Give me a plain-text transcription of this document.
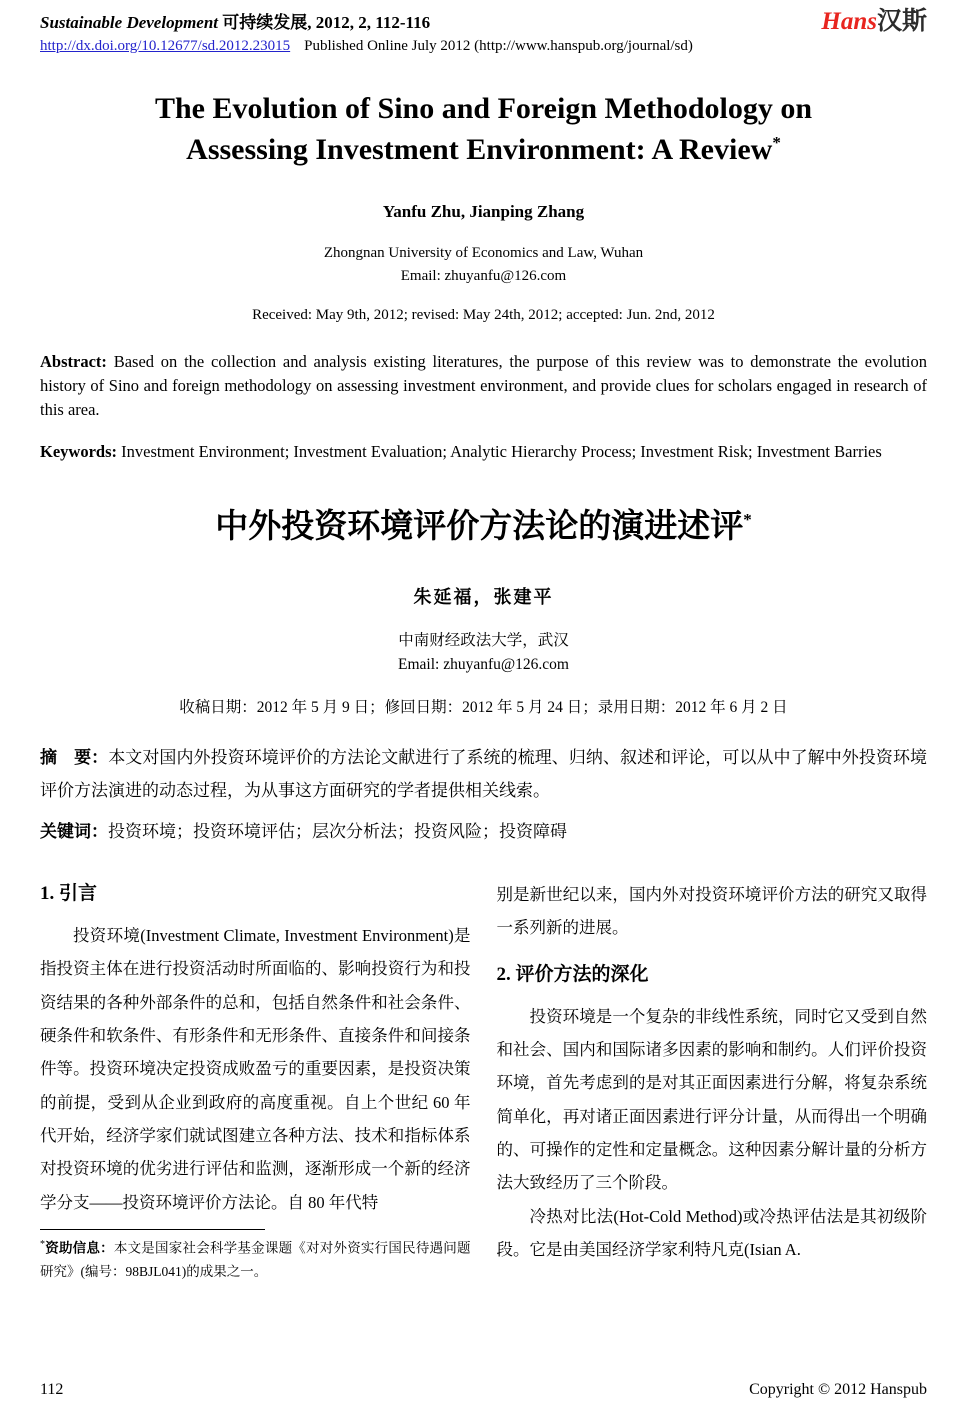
Sustainable Development 可持续发展, 2012, 2, 112-116
http://dx.doi.org/10.12677/sd.2012.23015 Published Online July 2012 (http://www.hanspub.org/journal/sd)
Hans汉斯
The Evolution of Sino and Foreign Methodology on
Assessing Investment Environment: A Review*
Yanfu Zhu, Jianping Zhang
Zhongnan University of Economics and Law, Wuhan
Email: zhuyanfu@126.com
Received: May 9th, 2012; revised: May 24th, 2012; accepted: Jun. 2nd, 2012
Abstract: Based on the collection and analysis existing literatures, the purpose of this review was to demonstrate the evolution history of Sino and foreign methodology on assessing investment environment, and provide clues for scholars engaged in research of this area.
Keywords: Investment Environment; Investment Evaluation; Analytic Hierarchy Process; Investment Risk; Investment Barries
中外投资环境评价方法论的演进述评*
朱延福，张建平
中南财经政法大学，武汉
Email: zhuyanfu@126.com
收稿日期：2012 年 5 月 9 日；修回日期：2012 年 5 月 24 日；录用日期：2012 年 6 月 2 日
摘　要：本文对国内外投资环境评价的方法论文献进行了系统的梳理、归纳、叙述和评论，可以从中了解中外投资环境评价方法演进的动态过程，为从事这方面研究的学者提供相关线索。
关键词：投资环境；投资环境评估；层次分析法；投资风险；投资障碍
1. 引言

投资环境(Investment Climate, Investment Environment)是指投资主体在进行投资活动时所面临的、影响投资行为和投资结果的各种外部条件的总和，包括自然条件和社会条件、硬条件和软条件、有形条件和无形条件、直接条件和间接条件等。投资环境决定投资成败盈亏的重要因素，是投资决策的前提，受到从企业到政府的高度重视。自上个世纪 60 年代开始，经济学家们就试图建立各种方法、技术和指标体系对投资环境的优劣进行评估和监测，逐渐形成一个新的经济学分支——投资环境评价方法论。自 80 年代特

*资助信息：本文是国家社会科学基金课题《对对外资实行国民待遇问题研究》(编号：98BJL041)的成果之一。

别是新世纪以来，国内外对投资环境评价方法的研究又取得一系列新的进展。

2. 评价方法的深化

投资环境是一个复杂的非线性系统，同时它又受到自然和社会、国内和国际诸多因素的影响和制约。人们评价投资环境，首先考虑到的是对其正面因素进行分解，将复杂系统简单化，再对诸正面因素进行评分计量，从而得出一个明确的、可操作的定性和定量概念。这种因素分解计量的分析方法大致经历了三个阶段。

冷热对比法(Hot-Cold Method)或冷热评估法是其初级阶段。它是由美国经济学家利特凡克(Isian A.

112	Copyright © 2012 Hanspub
